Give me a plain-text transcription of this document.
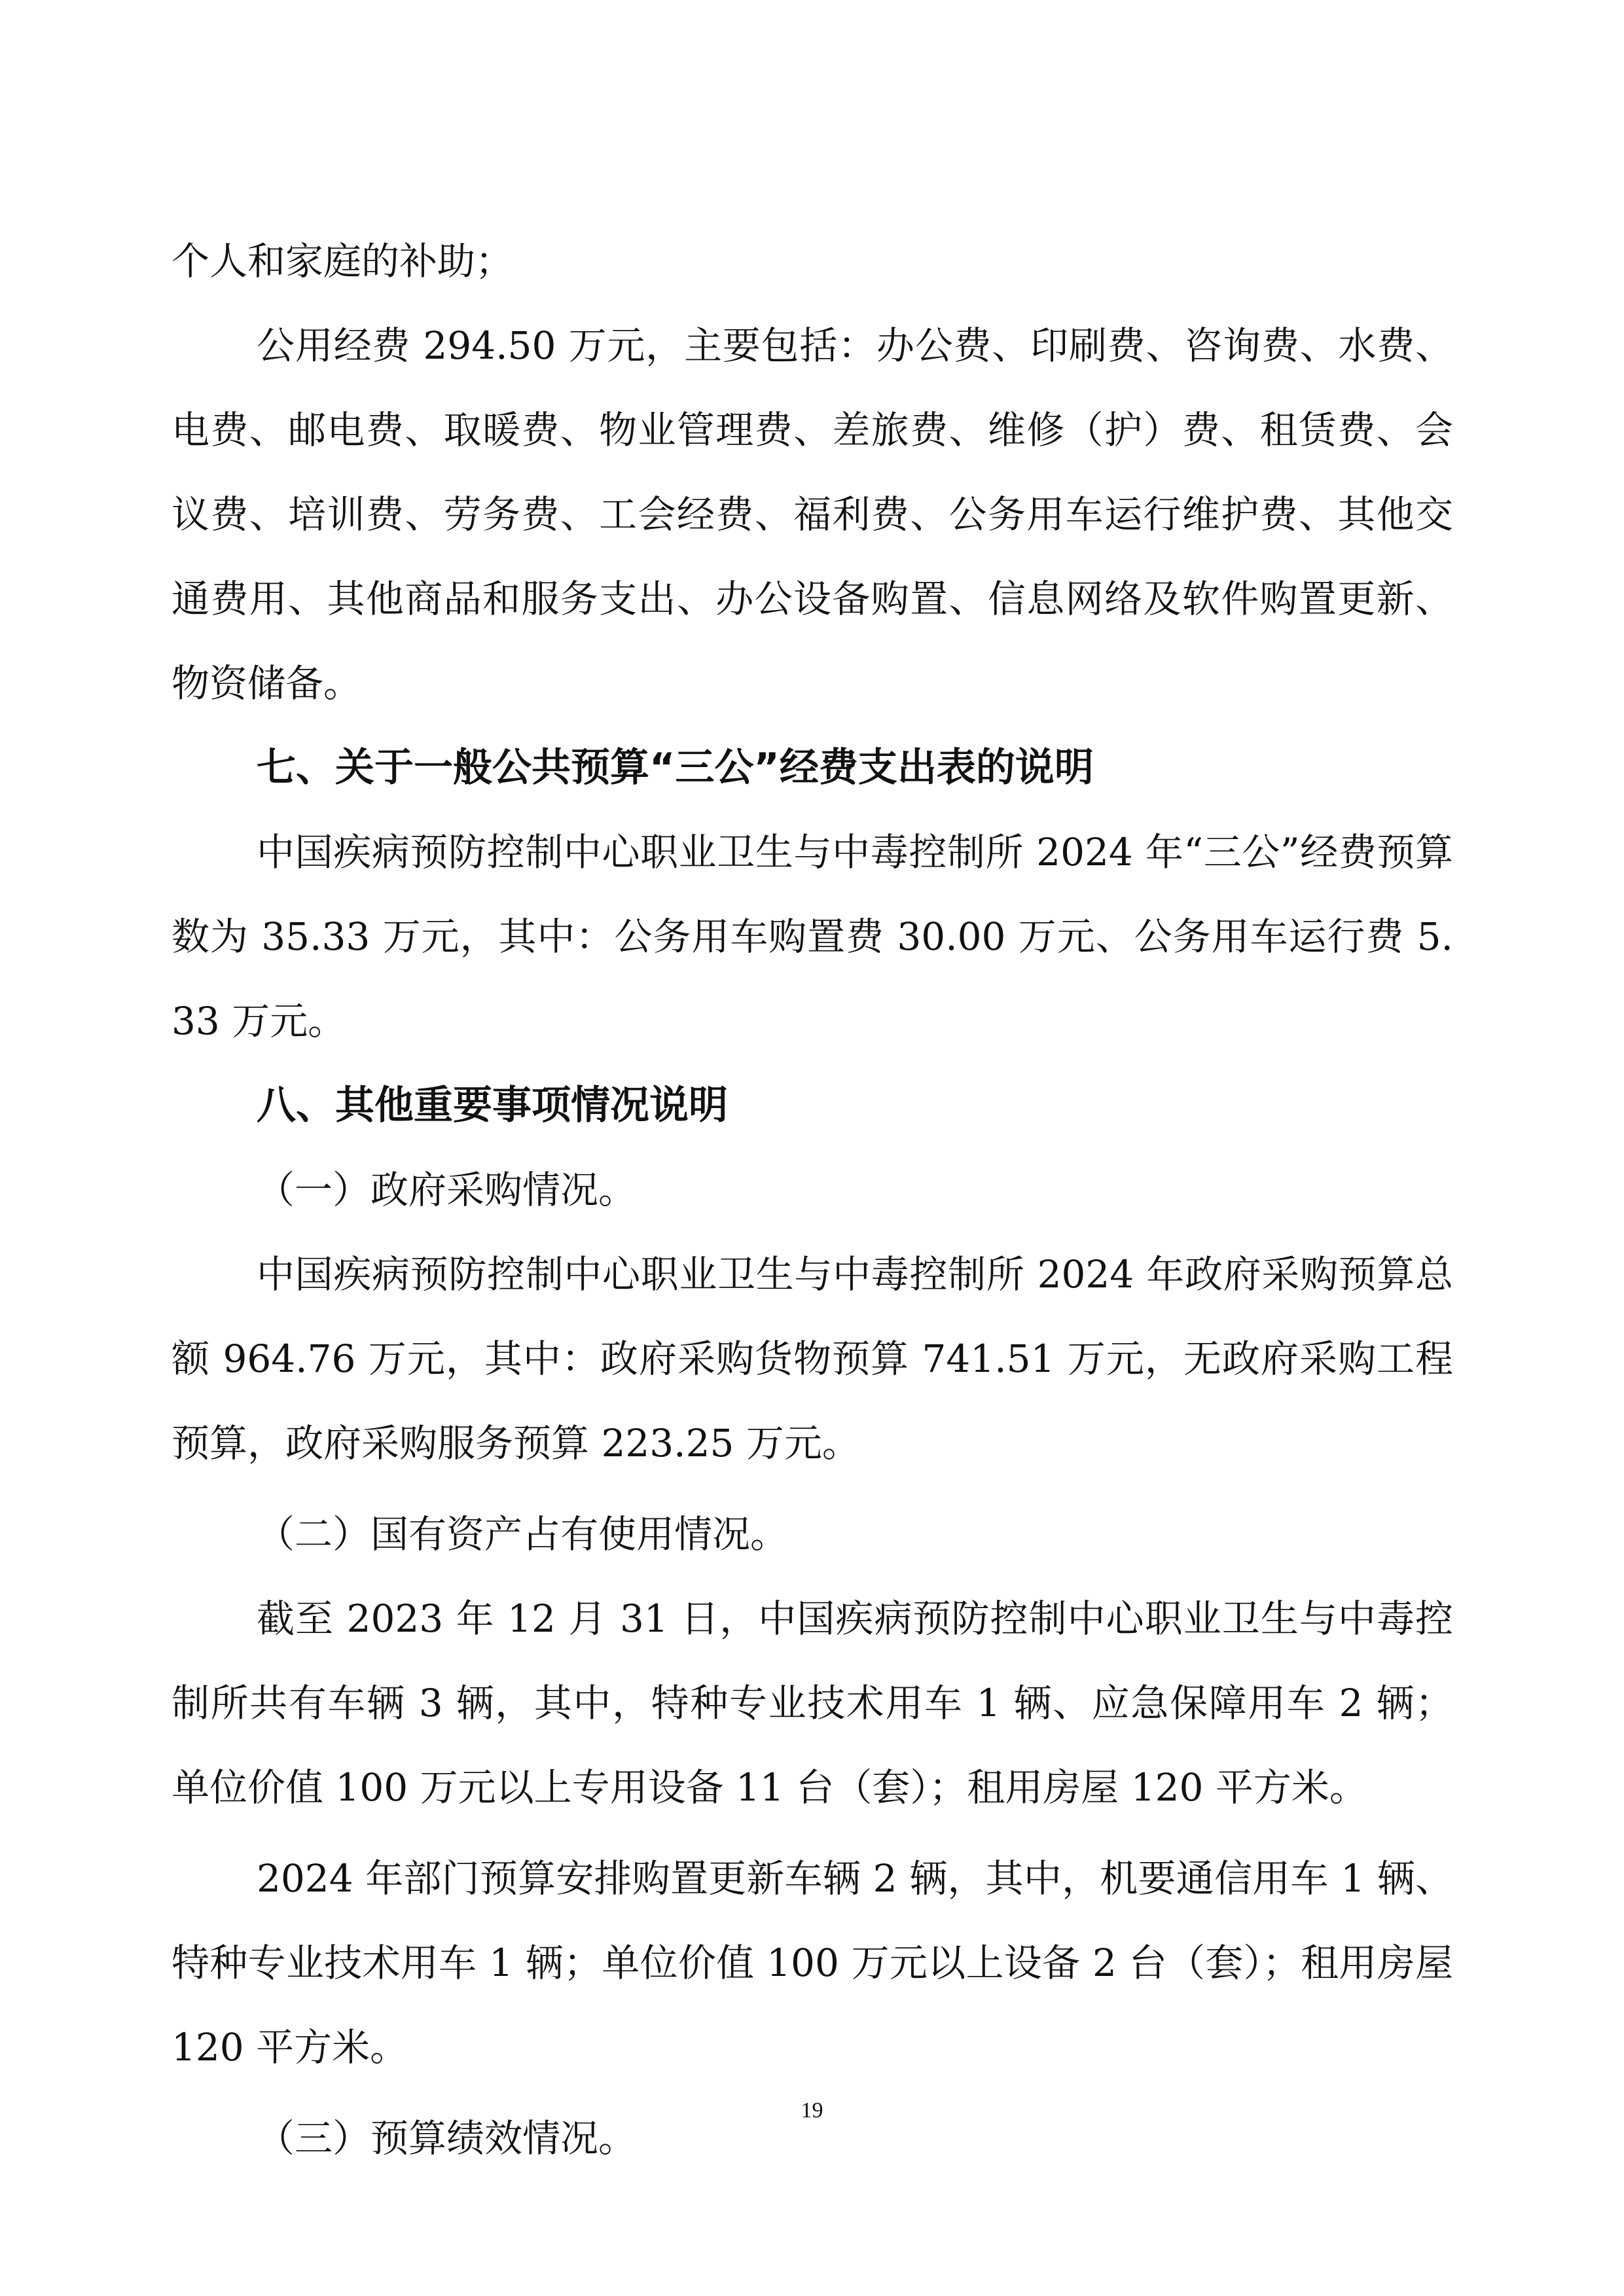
个人和家庭的补助；

公用经费 294.50 万元，主要包括：办公费、印刷费、咨询费、水费、电费、邮电费、取暖费、物业管理费、差旅费、维修（护）费、租赁费、会议费、培训费、劳务费、工会经费、福利费、公务用车运行维护费、其他交通费用、其他商品和服务支出、办公设备购置、信息网络及软件购置更新、物资储备。

七、关于一般公共预算“三公”经费支出表的说明

中国疾病预防控制中心职业卫生与中毒控制所 2024 年“三公”经费预算数为 35.33 万元，其中：公务用车购置费 30.00 万元、公务用车运行费 5.33 万元。

八、其他重要事项情况说明

（一）政府采购情况。

中国疾病预防控制中心职业卫生与中毒控制所 2024 年政府采购预算总额 964.76 万元，其中：政府采购货物预算 741.51 万元，无政府采购工程预算，政府采购服务预算 223.25 万元。

（二）国有资产占有使用情况。

截至 2023 年 12 月 31 日，中国疾病预防控制中心职业卫生与中毒控制所共有车辆 3 辆，其中，特种专业技术用车 1 辆、应急保障用车 2 辆；单位价值 100 万元以上专用设备 11 台（套）；租用房屋 120 平方米。

2024 年部门预算安排购置更新车辆 2 辆，其中，机要通信用车 1 辆、特种专业技术用车 1 辆；单位价值 100 万元以上设备 2 台（套）；租用房屋 120 平方米。

（三）预算绩效情况。

19
